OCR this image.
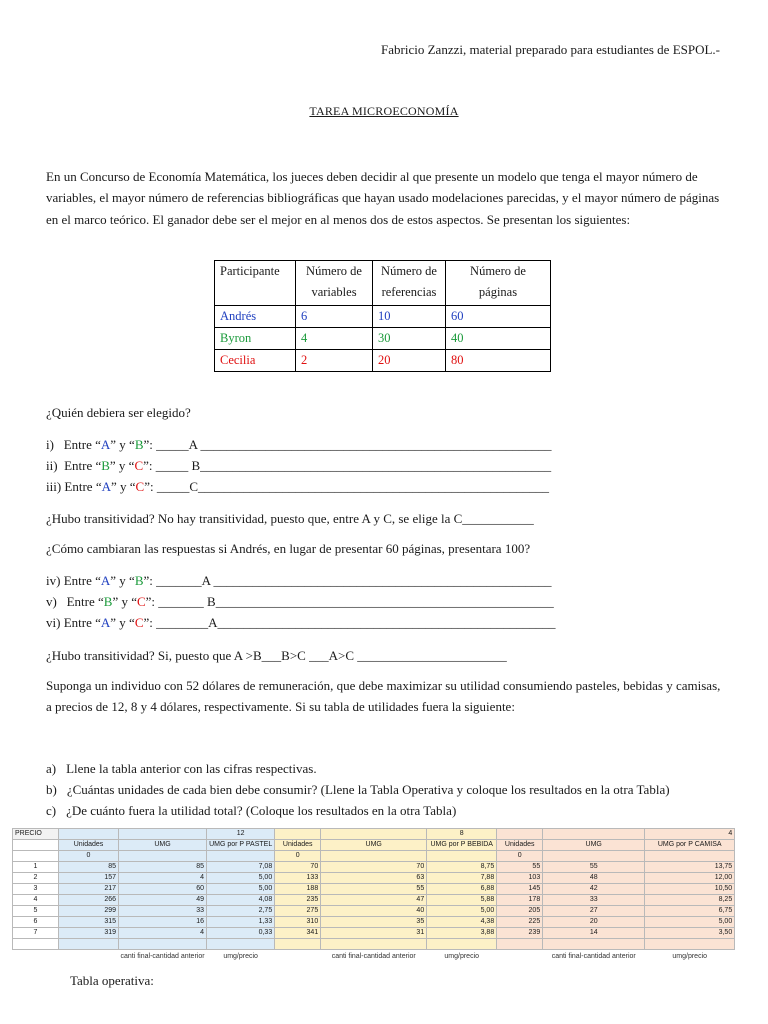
Fabricio Zanzzi, material preparado para estudiantes de ESPOL.-
TAREA MICROECONOMÍA
En un Concurso de Economía Matemática, los jueces deben decidir al que presente un modelo que tenga el mayor número de variables, el mayor número de referencias bibliográficas que hayan usado modelaciones parecidas, y el mayor número de páginas en el marco teórico. El ganador debe ser el mejor en al menos dos de estos aspectos. Se presentan los siguientes:
Participante	Número de variables	Número de referencias	Número de páginas
Andrés	6	10	60
Byron	4	30	40
Cecilia	2	20	80
¿Quién debiera ser elegido?
i) Entre “A” y “B”: _____A ______________________________________________________
ii) Entre “B” y “C”: _____ B______________________________________________________
iii) Entre “A” y “C”: _____C______________________________________________________
¿Hubo transitividad? No hay transitividad, puesto que, entre A y C, se elige la C___________
¿Cómo cambiaran las respuestas si Andrés, en lugar de presentar 60 páginas, presentara 100?
iv) Entre “A” y “B”: _______A ____________________________________________________
v) Entre “B” y “C”: _______ B____________________________________________________
vi) Entre “A” y “C”: ________A____________________________________________________
¿Hubo transitividad? Si, puesto que A >B___B>C ___A>C _______________________
Suponga un individuo con 52 dólares de remuneración, que debe maximizar su utilidad consumiendo pasteles, bebidas y camisas, a precios de 12, 8 y 4 dólares, respectivamente. Si su tabla de utilidades fuera la siguiente:
a) Llene la tabla anterior con las cifras respectivas.
b) ¿Cuántas unidades de cada bien debe consumir? (Llene la Tabla Operativa y coloque los resultados en la otra Tabla)
c) ¿De cuánto fuera la utilidad total? (Coloque los resultados en la otra Tabla)
PRECIO			12			8			4
	Unidades	UMG	UMG por P PASTEL	Unidades	UMG	UMG por P BEBIDA	Unidades	UMG	UMG por P CAMISA
	0			0			0		
1	85	85	7,08	70	70	8,75	55	55	13,75
2	157	4	5,00	133	63	7,88	103	48	12,00
3	217	60	5,00	188	55	6,88	145	42	10,50
4	266	49	4,08	235	47	5,88	178	33	8,25
5	299	33	2,75	275	40	5,00	205	27	6,75
6	315	16	1,33	310	35	4,38	225	20	5,00
7	319	4	0,33	341	31	3,88	239	14	3,50

		canti final-cantidad anterior	umg/precio		canti final-cantidad anterior	umg/precio		canti final-cantidad anterior	umg/precio
Tabla operativa:
